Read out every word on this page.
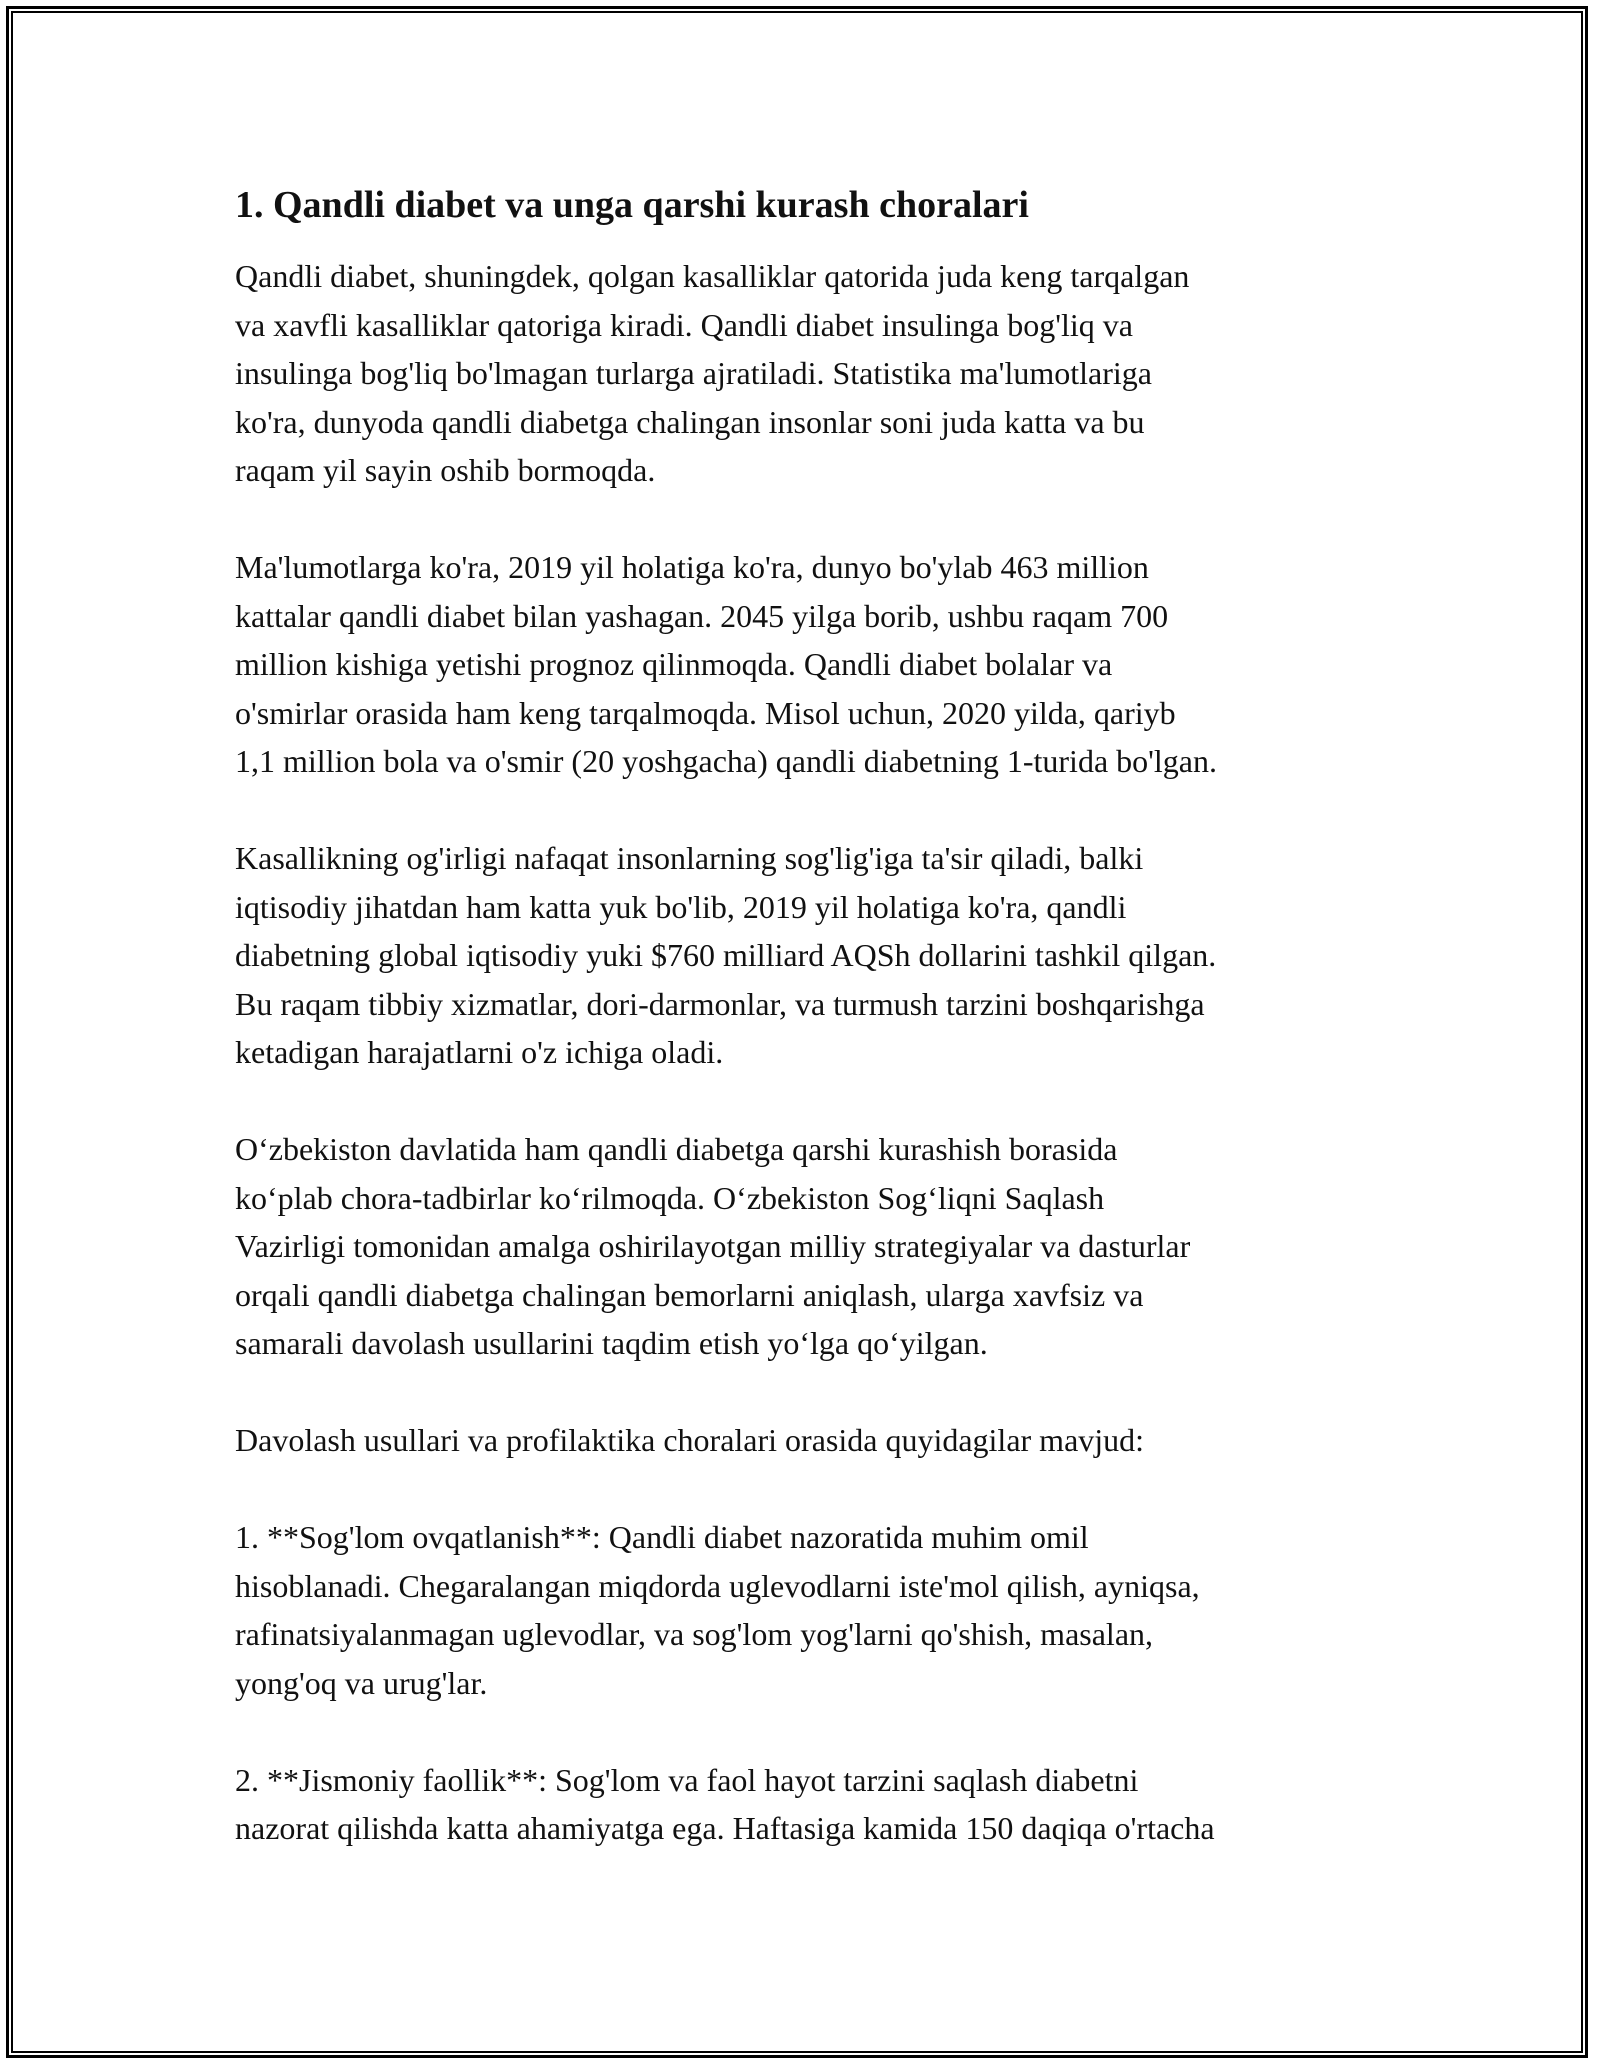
1. Qandli diabet va unga qarshi kurash choralari

Qandli diabet, shuningdek, qolgan kasalliklar qatorida juda keng tarqalgan
va xavfli kasalliklar qatoriga kiradi. Qandli diabet insulinga bog'liq va
insulinga bog'liq bo'lmagan turlarga ajratiladi. Statistika ma'lumotlariga
ko'ra, dunyoda qandli diabetga chalingan insonlar soni juda katta va bu
raqam yil sayin oshib bormoqda.

Ma'lumotlarga ko'ra, 2019 yil holatiga ko'ra, dunyo bo'ylab 463 million
kattalar qandli diabet bilan yashagan. 2045 yilga borib, ushbu raqam 700
million kishiga yetishi prognoz qilinmoqda. Qandli diabet bolalar va
o'smirlar orasida ham keng tarqalmoqda. Misol uchun, 2020 yilda, qariyb
1,1 million bola va o'smir (20 yoshgacha) qandli diabetning 1-turida bo'lgan.

Kasallikning og'irligi nafaqat insonlarning sog'lig'iga ta'sir qiladi, balki
iqtisodiy jihatdan ham katta yuk bo'lib, 2019 yil holatiga ko'ra, qandli
diabetning global iqtisodiy yuki $760 milliard AQSh dollarini tashkil qilgan.
Bu raqam tibbiy xizmatlar, dori-darmonlar, va turmush tarzini boshqarishga
ketadigan harajatlarni o'z ichiga oladi.

O‘zbekiston davlatida ham qandli diabetga qarshi kurashish borasida
ko‘plab chora-tadbirlar ko‘rilmoqda. O‘zbekiston Sog‘liqni Saqlash
Vazirligi tomonidan amalga oshirilayotgan milliy strategiyalar va dasturlar
orqali qandli diabetga chalingan bemorlarni aniqlash, ularga xavfsiz va
samarali davolash usullarini taqdim etish yo‘lga qo‘yilgan.

Davolash usullari va profilaktika choralari orasida quyidagilar mavjud:

1. **Sog'lom ovqatlanish**: Qandli diabet nazoratida muhim omil
hisoblanadi. Chegaralangan miqdorda uglevodlarni iste'mol qilish, ayniqsa,
rafinatsiyalanmagan uglevodlar, va sog'lom yog'larni qo'shish, masalan,
yong'oq va urug'lar.

2. **Jismoniy faollik**: Sog'lom va faol hayot tarzini saqlash diabetni
nazorat qilishda katta ahamiyatga ega. Haftasiga kamida 150 daqiqa o'rtacha
